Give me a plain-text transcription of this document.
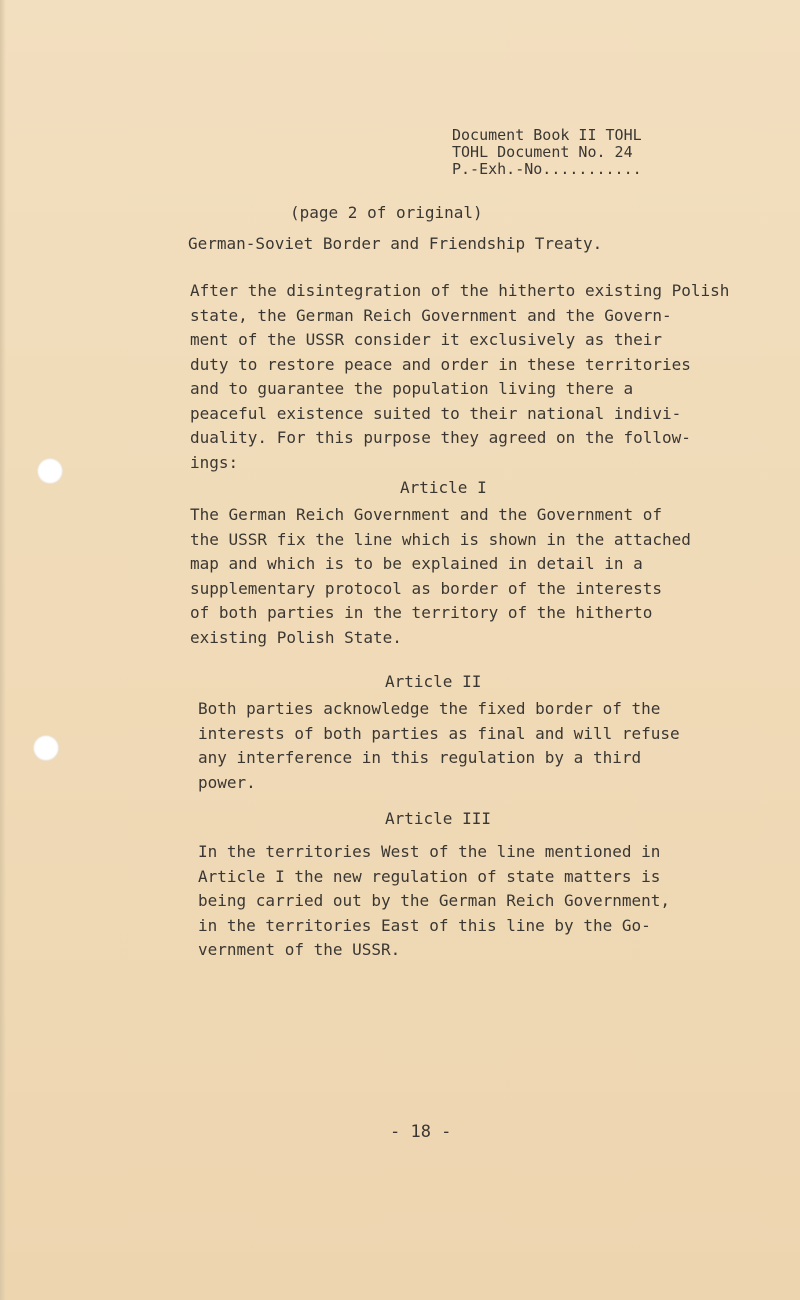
Document Book II TOHL
TOHL Document No. 24
P.-Exh.-No...........
(page 2 of original)
German-Soviet Border and Friendship Treaty.
After the disintegration of the hitherto existing Polish
state, the German Reich Government and the Govern-
ment of the USSR consider it exclusively as their
duty to restore peace and order in these territories
and to guarantee the population living there a
peaceful existence suited to their national indivi-
duality. For this purpose they agreed on the follow-
ings:
Article I
The German Reich Government and the Government of
the USSR fix the line which is shown in the attached
map and which is to be explained in detail in a
supplementary protocol as border of the interests
of both parties in the territory of the hitherto
existing Polish State.
Article II
Both parties acknowledge the fixed border of the
interests of both parties as final and will refuse
any interference in this regulation by a third
power.
Article III
In the territories West of the line mentioned in
Article I the new regulation of state matters is
being carried out by the German Reich Government,
in the territories East of this line by the Go-
vernment of the USSR.
- 18 -
